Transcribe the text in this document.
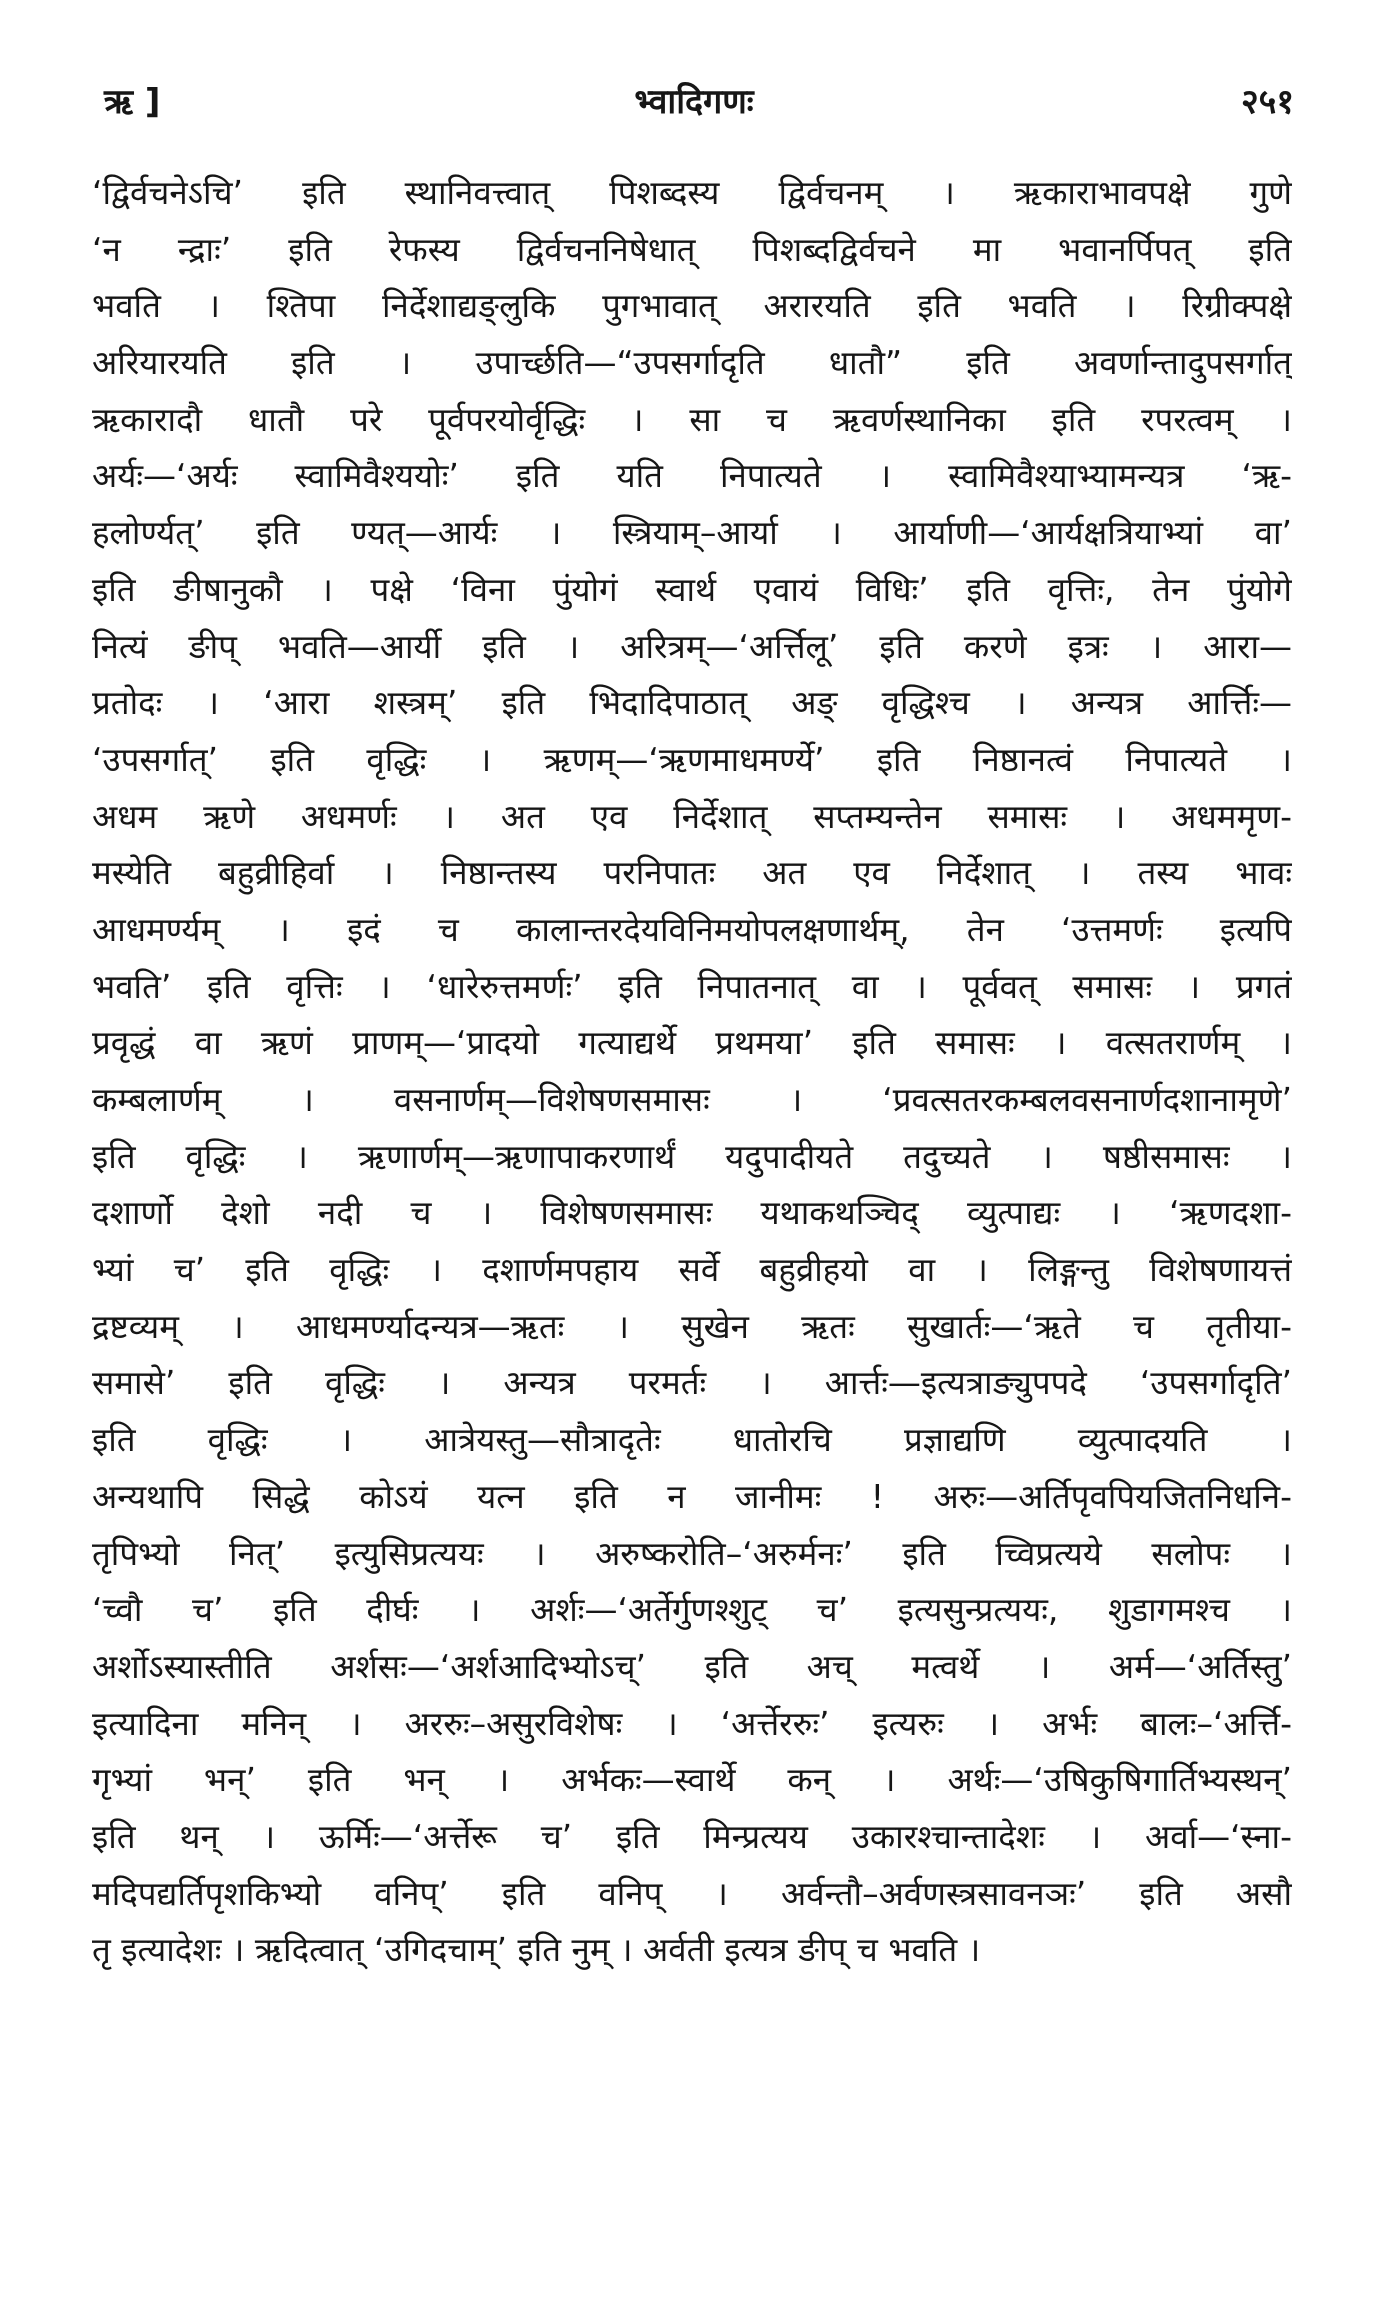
ऋ ]	भ्वादिगणः	२५१
‘द्विर्वचनेऽचि’ इति स्थानिवत्त्वात् पिशब्दस्य द्विर्वचनम् । ऋकाराभावपक्षे गुणे
‘न न्द्राः’ इति रेफस्य द्विर्वचननिषेधात् पिशब्दद्विर्वचने मा भवानर्पिपत् इति
भवति । श्तिपा निर्देशाद्यङ्लुकि पुगभावात् अरारयति इति भवति । रिग्रीक्पक्षे
अरियारयति इति । उपार्च्छति—“उपसर्गादृति धातौ” इति अवर्णान्तादुपसर्गात्
ऋकारादौ धातौ परे पूर्वपरयोर्वृद्धिः । सा च ऋवर्णस्थानिका इति रपरत्वम् ।
अर्यः—‘अर्यः स्वामिवैश्ययोः’ इति यति निपात्यते । स्वामिवैश्याभ्यामन्यत्र ‘ऋ-
हलोर्ण्यत्’ इति ण्यत्—आर्यः । स्त्रियाम्–आर्या । आर्याणी—‘आर्यक्षत्रियाभ्यां वा’
इति ङीषानुकौ । पक्षे ‘विना पुंयोगं स्वार्थ एवायं विधिः’ इति वृत्तिः, तेन पुंयोगे
नित्यं ङीप् भवति—आर्यी इति । अरित्रम्—‘अर्त्तिलू’ इति करणे इत्रः । आरा—
प्रतोदः । ‘आरा शस्त्रम्’ इति भिदादिपाठात् अङ् वृद्धिश्च । अन्यत्र आर्त्तिः—
‘उपसर्गात्’ इति वृद्धिः । ऋणम्—‘ऋणमाधमर्ण्ये’ इति निष्ठानत्वं निपात्यते ।
अधम ऋणे अधमर्णः । अत एव निर्देशात् सप्तम्यन्तेन समासः । अधममृण-
मस्येति बहुव्रीहिर्वा । निष्ठान्तस्य परनिपातः अत एव निर्देशात् । तस्य भावः
आधमर्ण्यम् । इदं च कालान्तरदेयविनिमयोपलक्षणार्थम्, तेन ‘उत्तमर्णः इत्यपि
भवति’ इति वृत्तिः । ‘धारेरुत्तमर्णः’ इति निपातनात् वा । पूर्ववत् समासः । प्रगतं
प्रवृद्धं वा ऋणं प्राणम्—‘प्रादयो गत्याद्यर्थे प्रथमया’ इति समासः । वत्सतरार्णम् ।
कम्बलार्णम् । वसनार्णम्—विशेषणसमासः । ‘प्रवत्सतरकम्बलवसनार्णदशानामृणे’
इति वृद्धिः । ऋणार्णम्—ऋणापाकरणार्थं यदुपादीयते तदुच्यते । षष्ठीसमासः ।
दशार्णो देशो नदी च । विशेषणसमासः यथाकथञ्चिद् व्युत्पाद्यः । ‘ऋणदशा-
भ्यां च’ इति वृद्धिः । दशार्णमपहाय सर्वे बहुव्रीहयो वा । लिङ्गन्तु विशेषणायत्तं
द्रष्टव्यम् । आधमर्ण्यादन्यत्र—ऋतः । सुखेन ऋतः सुखार्तः—‘ऋते च तृतीया-
समासे’ इति वृद्धिः । अन्यत्र परमर्तः । आर्त्तः—इत्यत्राङ्युपपदे ‘उपसर्गादृति’
इति वृद्धिः । आत्रेयस्तु—सौत्रादृतेः धातोरचि प्रज्ञाद्यणि व्युत्पादयति ।
अन्यथापि सिद्धे कोऽयं यत्न इति न जानीमः ! अरुः—अर्तिपृवपियजितनिधनि-
तृपिभ्यो नित्’ इत्युसिप्रत्ययः । अरुष्करोति–‘अरुर्मनः’ इति च्विप्रत्यये सलोपः ।
‘च्वौ च’ इति दीर्घः । अर्शः—‘अर्तेर्गुणश्शुट् च’ इत्यसुन्प्रत्ययः, शुडागमश्च ।
अर्शोऽस्यास्तीति अर्शसः—‘अर्शआदिभ्योऽच्’ इति अच् मत्वर्थे । अर्म—‘अर्तिस्तु’
इत्यादिना मनिन् । अररुः–असुरविशेषः । ‘अर्त्तेररुः’ इत्यरुः । अर्भः बालः–‘अर्त्ति-
गृभ्यां भन्’ इति भन् । अर्भकः—स्वार्थे कन् । अर्थः—‘उषिकुषिगार्तिभ्यस्थन्’
इति थन् । ऊर्मिः—‘अर्त्तेरू च’ इति मिन्प्रत्यय उकारश्चान्तादेशः । अर्वा—‘स्ना-
मदिपद्यर्तिपृशकिभ्यो वनिप्’ इति वनिप् । अर्वन्तौ–अर्वणस्त्रसावनञः’ इति असौ
तृ इत्यादेशः । ऋदित्वात् ‘उगिदचाम्’ इति नुम् । अर्वती इत्यत्र ङीप् च भवति ।
